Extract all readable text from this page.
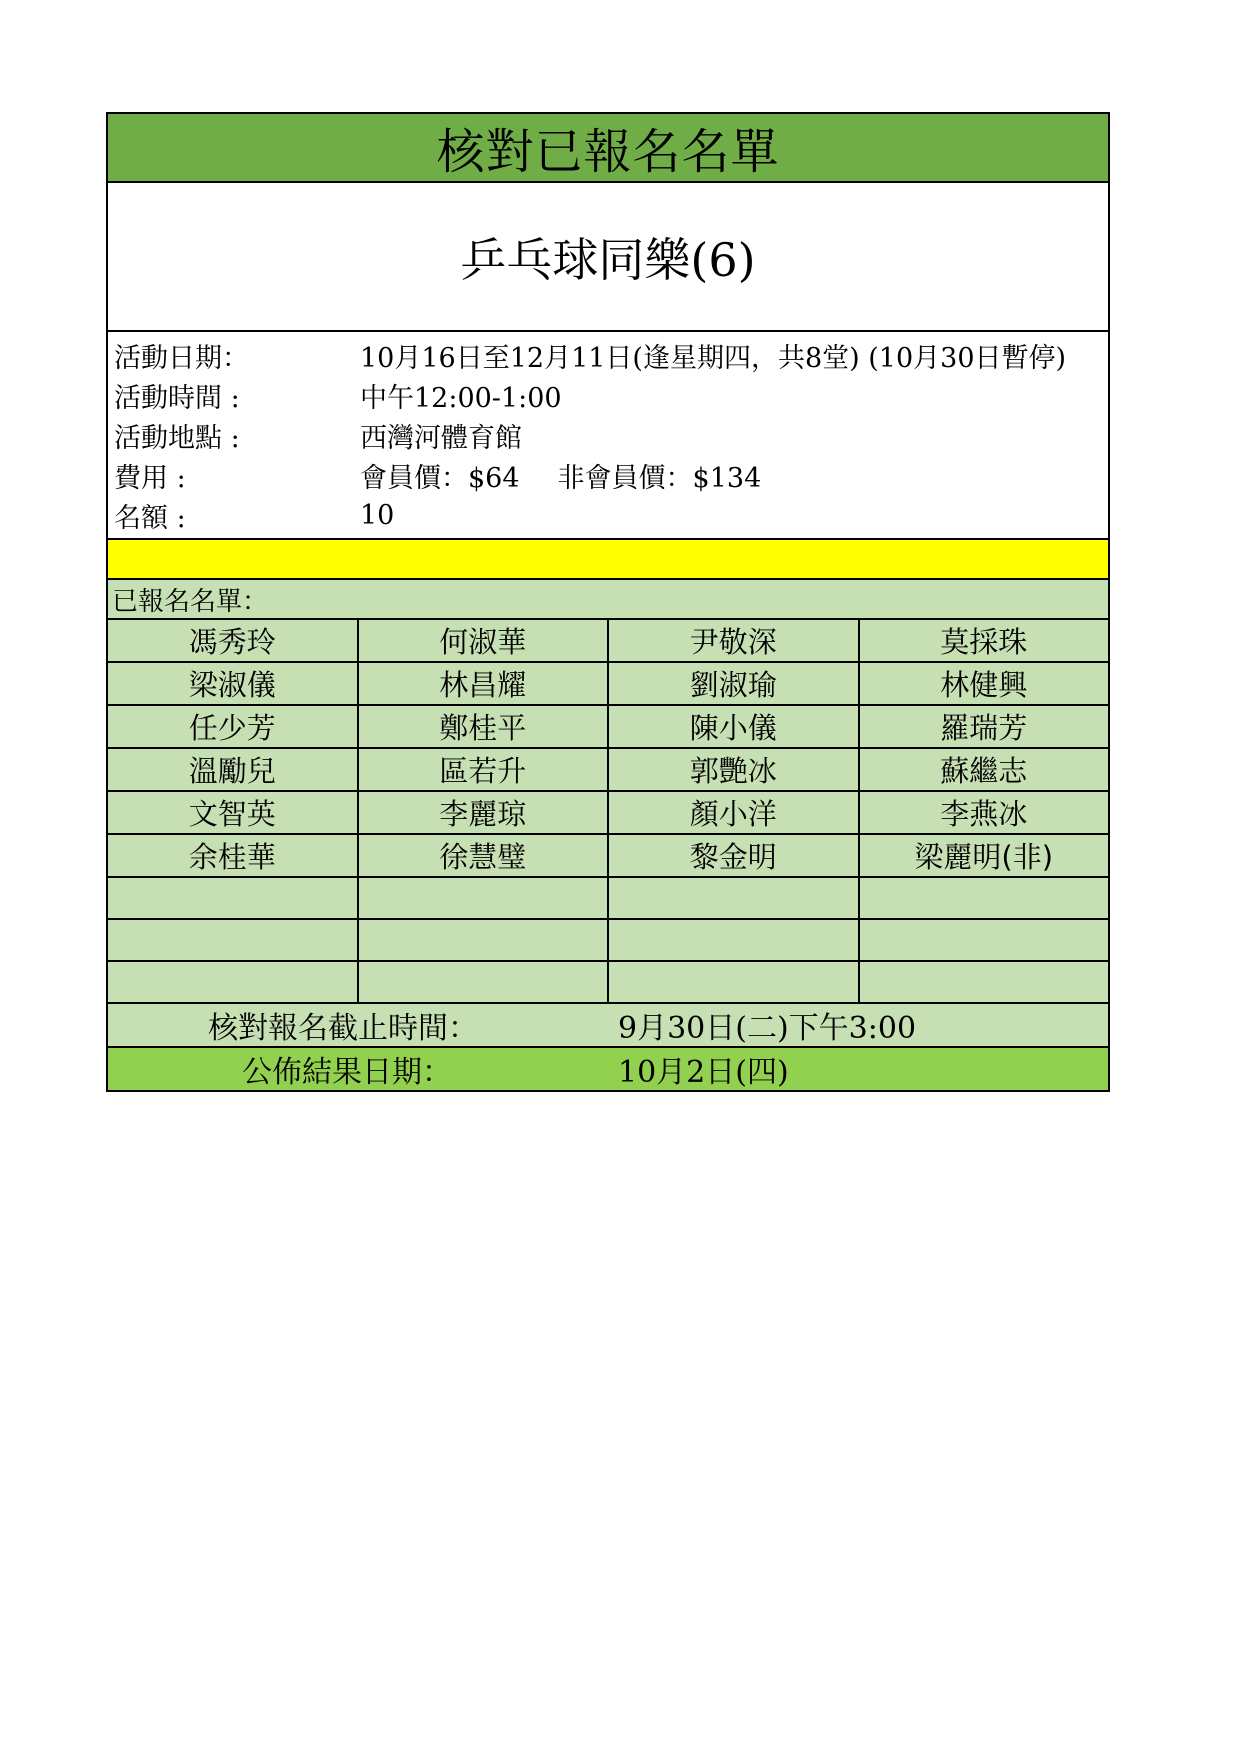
核對已報名名單
乒乓球同樂(6)
活動日期：	10月16日至12月11日(逢星期四，共8堂) (10月30日暫停)
活動時間 :	中午12:00-1:00
活動地點 :	西灣河體育館
費用 :	會員價：$64 非會員價：$134
名額 :	10
已報名名單：
馮秀玲	何淑華	尹敬深	莫採珠
梁淑儀	林昌耀	劉淑瑜	林健興
任少芳	鄭桂平	陳小儀	羅瑞芳
溫勵兒	區若升	郭艷冰	蘇繼志
文智英	李麗琼	顏小洋	李燕冰
余桂華	徐慧璧	黎金明	梁麗明(非)

核對報名截止時間：	9月30日(二)下午3:00
公佈結果日期：	10月2日(四)
